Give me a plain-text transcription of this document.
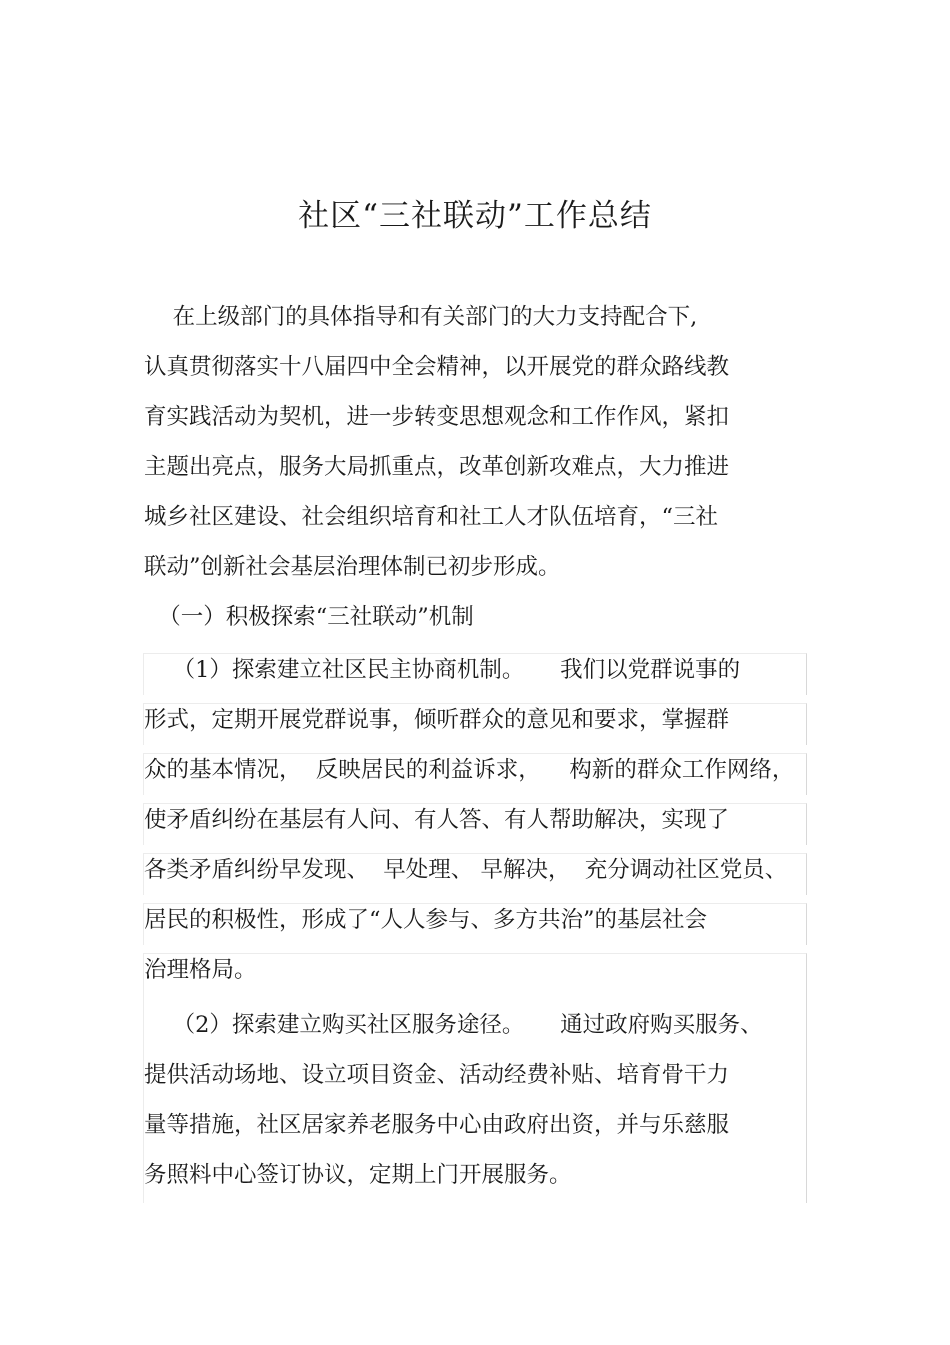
社区“三社联动”工作总结

在上级部门的具体指导和有关部门的大力支持配合下,

认真贯彻落实十八届四中全会精神，以开展党的群众路线教

育实践活动为契机，进一步转变思想观念和工作作风，紧扣

主题出亮点，服务大局抓重点，改革创新攻难点，大力推进

城乡社区建设、社会组织培育和社工人才队伍培育，“三社

联动”创新社会基层治理体制已初步形成。

（一）积极探索“三社联动”机制

（1）探索建立社区民主协商机制。     我们以党群说事的

形式，定期开展党群说事，倾听群众的意见和要求，掌握群

众的基本情况，  反映居民的利益诉求，    构新的群众工作网络，

使矛盾纠纷在基层有人问、有人答、有人帮助解决，实现了

各类矛盾纠纷早发现、  早处理、 早解决，  充分调动社区党员、

居民的积极性，形成了“人人参与、多方共治”的基层社会

治理格局。

（2）探索建立购买社区服务途径。     通过政府购买服务、

提供活动场地、设立项目资金、活动经费补贴、培育骨干力

量等措施，社区居家养老服务中心由政府出资，并与乐慈服

务照料中心签订协议，定期上门开展服务。
